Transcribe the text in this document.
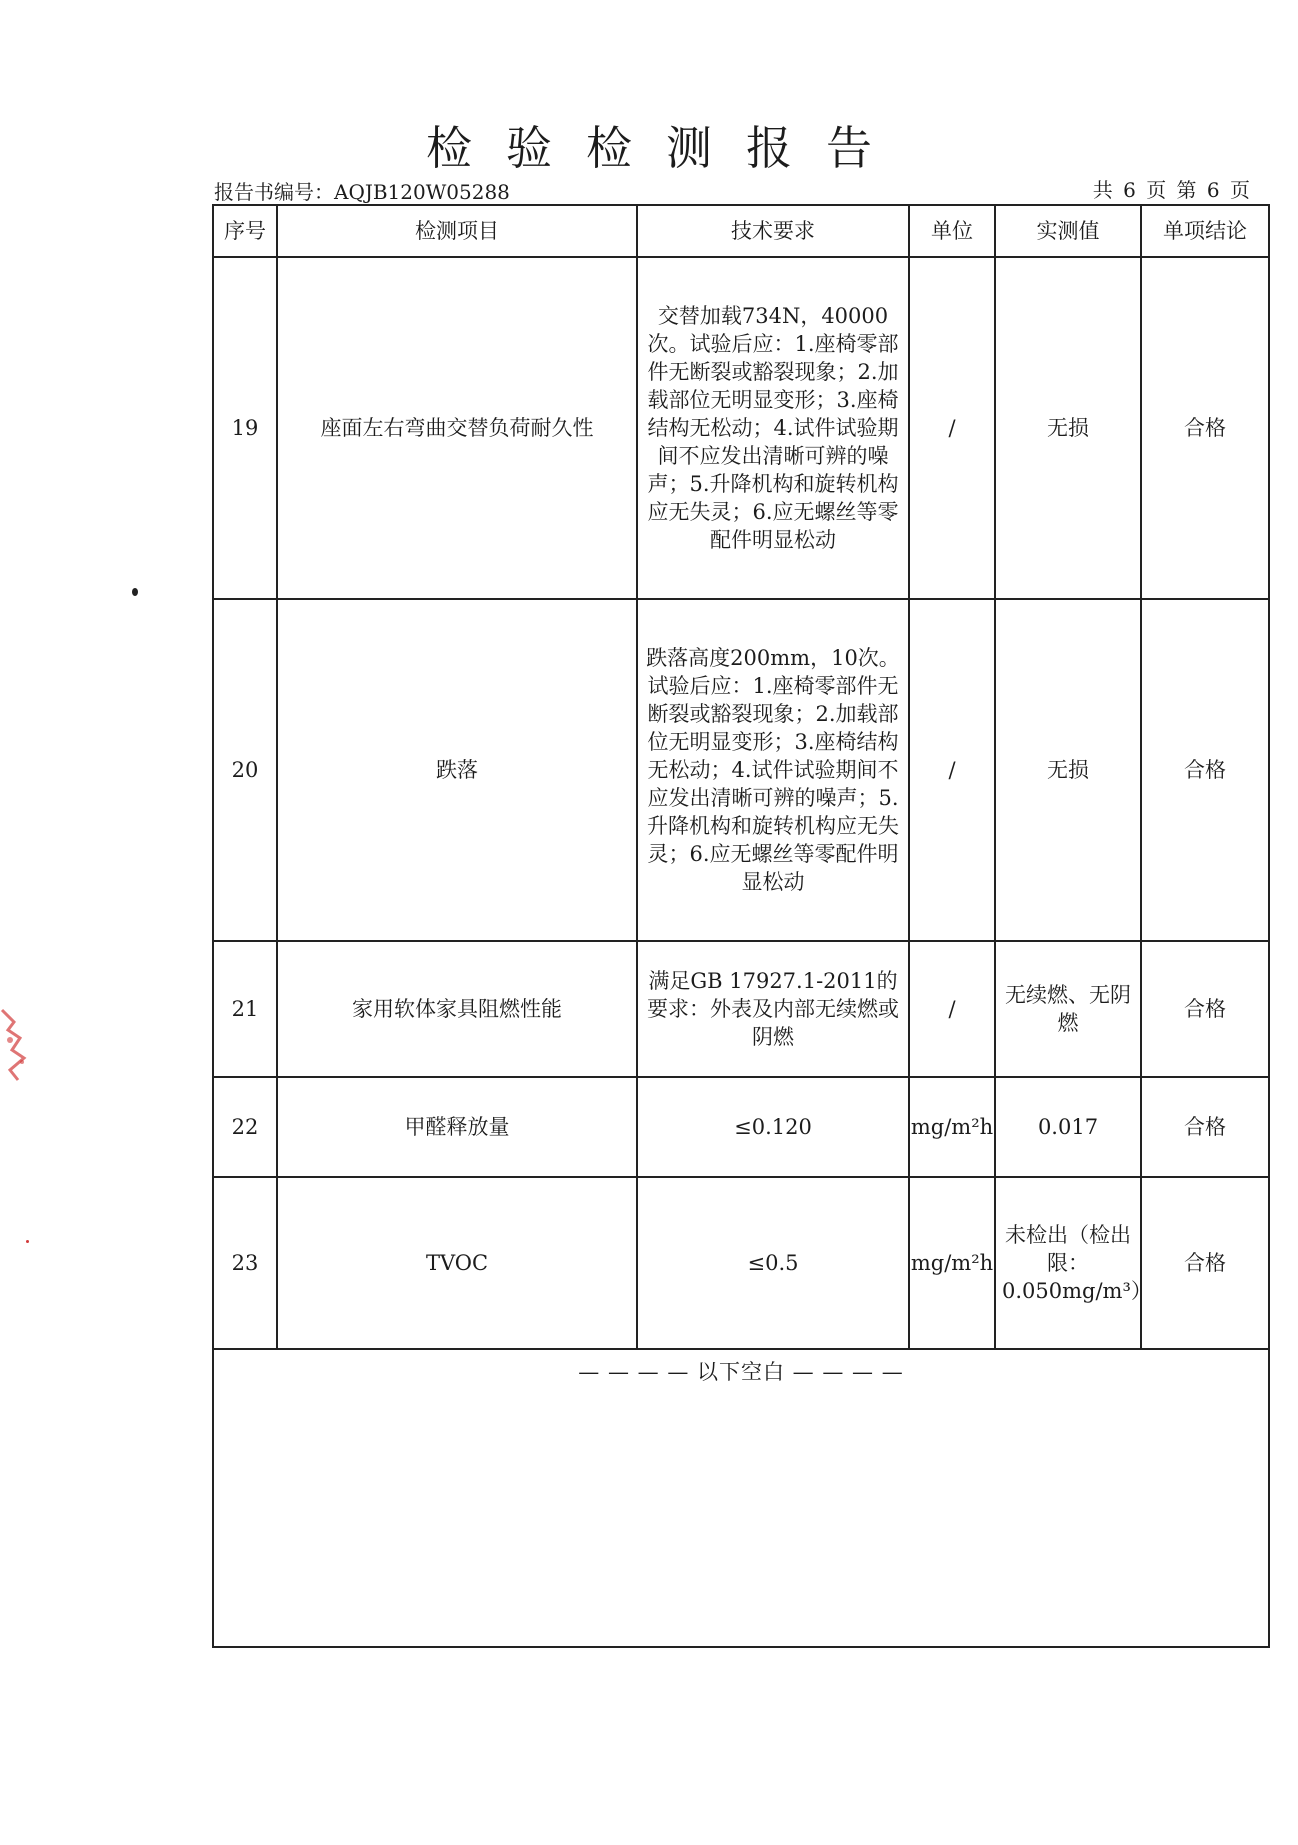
检验检测报告
报告书编号：AQJB120W05288	共 6 页 第 6 页
序号	检测项目	技术要求	单位	实测值	单项结论
19	座面左右弯曲交替负荷耐久性	交替加载734N，40000次。试验后应：1.座椅零部件无断裂或豁裂现象；2.加载部位无明显变形；3.座椅结构无松动；4.试件试验期间不应发出清晰可辨的噪声；5.升降机构和旋转机构应无失灵；6.应无螺丝等零配件明显松动	/	无损	合格
20	跌落	跌落高度200mm，10次。试验后应：1.座椅零部件无断裂或豁裂现象；2.加载部位无明显变形；3.座椅结构无松动；4.试件试验期间不应发出清晰可辨的噪声；5.升降机构和旋转机构应无失灵；6.应无螺丝等零配件明显松动	/	无损	合格
21	家用软体家具阻燃性能	满足GB 17927.1-2011的要求：外表及内部无续燃或阴燃	/	无续燃、无阴燃	合格
22	甲醛释放量	≤0.120	mg/m²h	0.017	合格
23	TVOC	≤0.5	mg/m²h	未检出（检出限：0.050mg/m³）	合格

— — — — 以下空白 — — — —					
